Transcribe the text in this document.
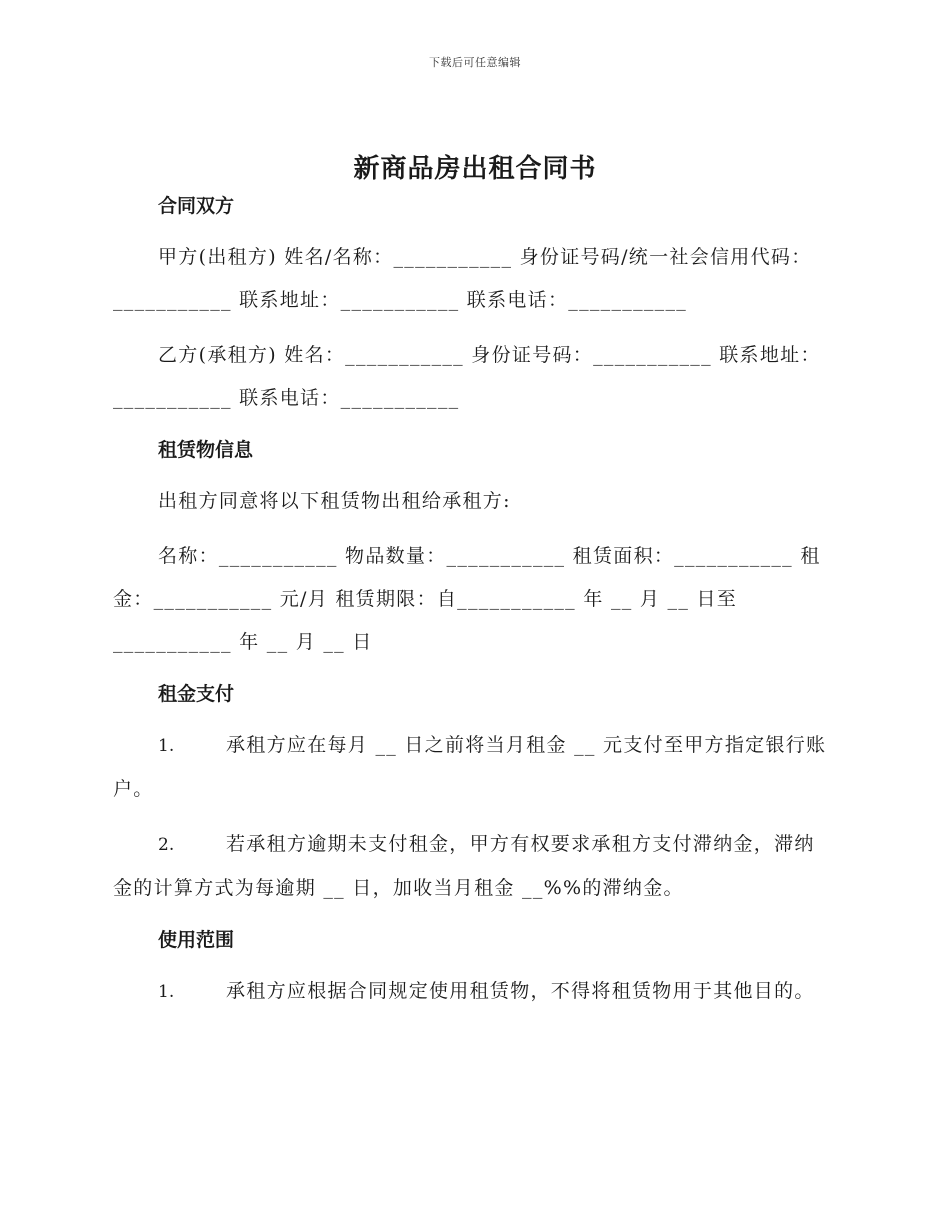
下载后可任意编辑
新商品房出租合同书
合同双方

甲方(出租方) 姓名/名称：___________ 身份证号码/统一社会信用代码：___________ 联系地址：___________ 联系电话：___________

乙方(承租方) 姓名：___________ 身份证号码：___________ 联系地址：___________ 联系电话：___________

租赁物信息

出租方同意将以下租赁物出租给承租方:

名称：___________ 物品数量：___________ 租赁面积：___________ 租金：___________ 元/月 租赁期限：自___________ 年 __ 月 __ 日至___________ 年 __ 月 __ 日

租金支付

1.	承租方应在每月 __ 日之前将当月租金 __ 元支付至甲方指定银行账户。

2.	若承租方逾期未支付租金，甲方有权要求承租方支付滞纳金，滞纳金的计算方式为每逾期 __ 日，加收当月租金 __%%的滞纳金。

使用范围

1.	承租方应根据合同规定使用租赁物，不得将租赁物用于其他目的。
